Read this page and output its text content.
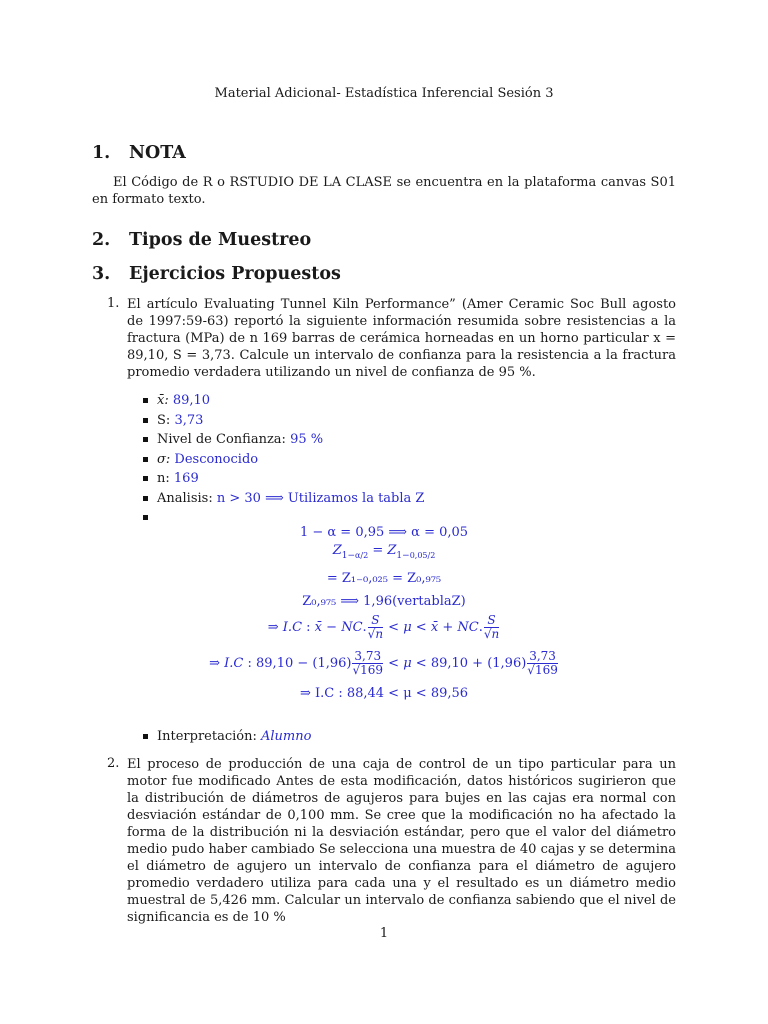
Material Adicional- Estadística Inferencial Sesión 3
1. NOTA
El Código de R o RSTUDIO DE LA CLASE se encuentra en la plataforma canvas S01 en formato texto.
2. Tipos de Muestreo
3. Ejercicios Propuestos
1. El artículo Evaluating Tunnel Kiln Performance” (Amer Ceramic Soc Bull agosto de 1997:59-63) reportó la siguiente información resumida sobre resistencias a la fractura (MPa) de n 169 barras de cerámica horneadas en un horno particular x = 89,10, S = 3,73. Calcule un intervalo de confianza para la resistencia a la fractura promedio verdadera utilizando un nivel de confianza de 95 %.
x̄: 89,10
S: 3,73
Nivel de Confianza: 95 %
σ: Desconocido
n: 169
Analisis: n > 30 ⟹ Utilizamos la tabla Z
1 − α = 0,95 ⟹ α = 0,05
$Z_{1-\alpha/2} = Z_{1-0,05/2}$
= Z₁₋₀,₀₂₅ = Z₀,₉₇₅
Z₀,₉₇₅ ⟹ 1,96(vertablaZ)
⇒ I.C : x̄ − NC. $\frac{S}{√n} < \mu$ < x̄ + NC. $\frac{S}{√n}$
⇒ I.C : $89,10 - (1,96) \frac{3,73}{√169} < \mu < 89,10 + (1,96) \frac{3,73}{√169}$
⇒ I.C : 88,44 < μ < 89,56
Interpretación: Alumno
2. El proceso de producción de una caja de control de un tipo particular para un motor fue modificado Antes de esta modificación, datos históricos sugirieron que la distribución de diámetros de agujeros para bujes en las cajas era normal con desviación estándar de 0,100 mm. Se cree que la modificación no ha afectado la forma de la distribución ni la desviación estándar, pero que el valor del diámetro medio pudo haber cambiado Se selecciona una muestra de 40 cajas y se determina el diámetro de agujero un intervalo de confianza para el diámetro de agujero promedio verdadero utiliza para cada una y el resultado es un diámetro medio muestral de 5,426 mm. Calcular un intervalo de confianza sabiendo que el nivel de significancia es de 10 %
1
